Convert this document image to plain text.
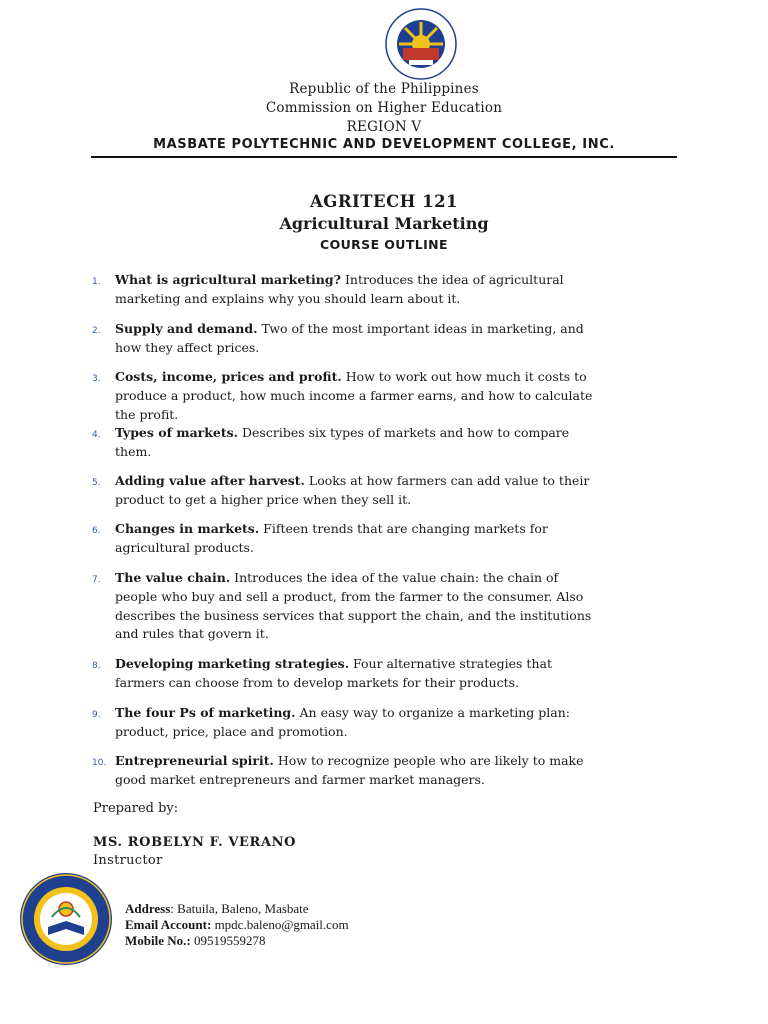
Republic of the Philippines
Commission on Higher Education
REGION V
MASBATE POLYTECHNIC AND DEVELOPMENT COLLEGE, INC.
AGRITECH 121
Agricultural Marketing
COURSE OUTLINE
1. What is agricultural marketing? Introduces the idea of agricultural marketing and explains why you should learn about it.
2. Supply and demand. Two of the most important ideas in marketing, and how they affect prices.
3. Costs, income, prices and profit. How to work out how much it costs to produce a product, how much income a farmer earns, and how to calculate the profit.
4. Types of markets. Describes six types of markets and how to compare them.
5. Adding value after harvest. Looks at how farmers can add value to their product to get a higher price when they sell it.
6. Changes in markets. Fifteen trends that are changing markets for agricultural products.
7. The value chain. Introduces the idea of the value chain: the chain of people who buy and sell a product, from the farmer to the consumer. Also describes the business services that support the chain, and the institutions and rules that govern it.
8. Developing marketing strategies. Four alternative strategies that farmers can choose from to develop markets for their products.
9. The four Ps of marketing. An easy way to organize a marketing plan: product, price, place and promotion.
10. Entrepreneurial spirit. How to recognize people who are likely to make good market entrepreneurs and farmer market managers.
Prepared by:
MS. ROBELYN F. VERANO
Instructor
Address: Batuila, Baleno, Masbate
Email Account: mpdc.baleno@gmail.com
Mobile No.: 09519559278
